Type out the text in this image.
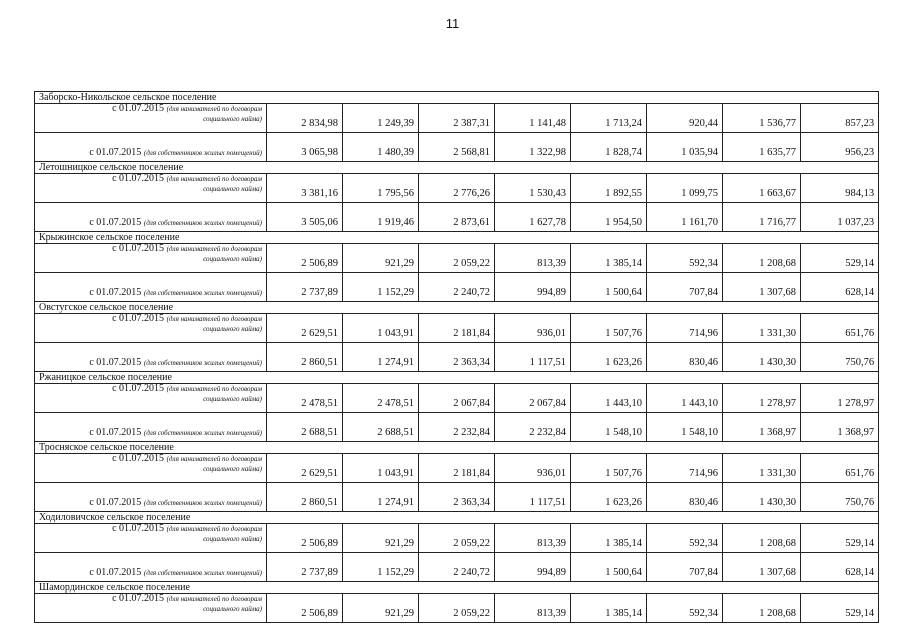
11
Заборско-Никольское сельское поселение								
с 01.07.2015 (для нанимателей по договорам
социального найма)	2 834,98	1 249,39	2 387,31	1 141,48	1 713,24	920,44	1 536,77	857,23
с 01.07.2015 (для собственников жилых помещений)	3 065,98	1 480,39	2 568,81	1 322,98	1 828,74	1 035,94	1 635,77	956,23
Летошницкое сельское поселение								
с 01.07.2015 (для нанимателей по договорам
социального найма)	3 381,16	1 795,56	2 776,26	1 530,43	1 892,55	1 099,75	1 663,67	984,13
с 01.07.2015 (для собственников жилых помещений)	3 505,06	1 919,46	2 873,61	1 627,78	1 954,50	1 161,70	1 716,77	1 037,23
Крыжинское сельское поселение								
с 01.07.2015 (для нанимателей по договорам
социального найма)	2 506,89	921,29	2 059,22	813,39	1 385,14	592,34	1 208,68	529,14
с 01.07.2015 (для собственников жилых помещений)	2 737,89	1 152,29	2 240,72	994,89	1 500,64	707,84	1 307,68	628,14
Овстугское сельское поселение								
с 01.07.2015 (для нанимателей по договорам
социального найма)	2 629,51	1 043,91	2 181,84	936,01	1 507,76	714,96	1 331,30	651,76
с 01.07.2015 (для собственников жилых помещений)	2 860,51	1 274,91	2 363,34	1 117,51	1 623,26	830,46	1 430,30	750,76
Ржаницкое сельское поселение								
с 01.07.2015 (для нанимателей по договорам
социального найма)	2 478,51	2 478,51	2 067,84	2 067,84	1 443,10	1 443,10	1 278,97	1 278,97
с 01.07.2015 (для собственников жилых помещений)	2 688,51	2 688,51	2 232,84	2 232,84	1 548,10	1 548,10	1 368,97	1 368,97
Тросняское сельское поселение								
с 01.07.2015 (для нанимателей по договорам
социального найма)	2 629,51	1 043,91	2 181,84	936,01	1 507,76	714,96	1 331,30	651,76
с 01.07.2015 (для собственников жилых помещений)	2 860,51	1 274,91	2 363,34	1 117,51	1 623,26	830,46	1 430,30	750,76
Ходиловичское сельское поселение								
с 01.07.2015 (для нанимателей по договорам
социального найма)	2 506,89	921,29	2 059,22	813,39	1 385,14	592,34	1 208,68	529,14
с 01.07.2015 (для собственников жилых помещений)	2 737,89	1 152,29	2 240,72	994,89	1 500,64	707,84	1 307,68	628,14
Шамординское сельское поселение								
с 01.07.2015 (для нанимателей по договорам
социального найма)	2 506,89	921,29	2 059,22	813,39	1 385,14	592,34	1 208,68	529,14
